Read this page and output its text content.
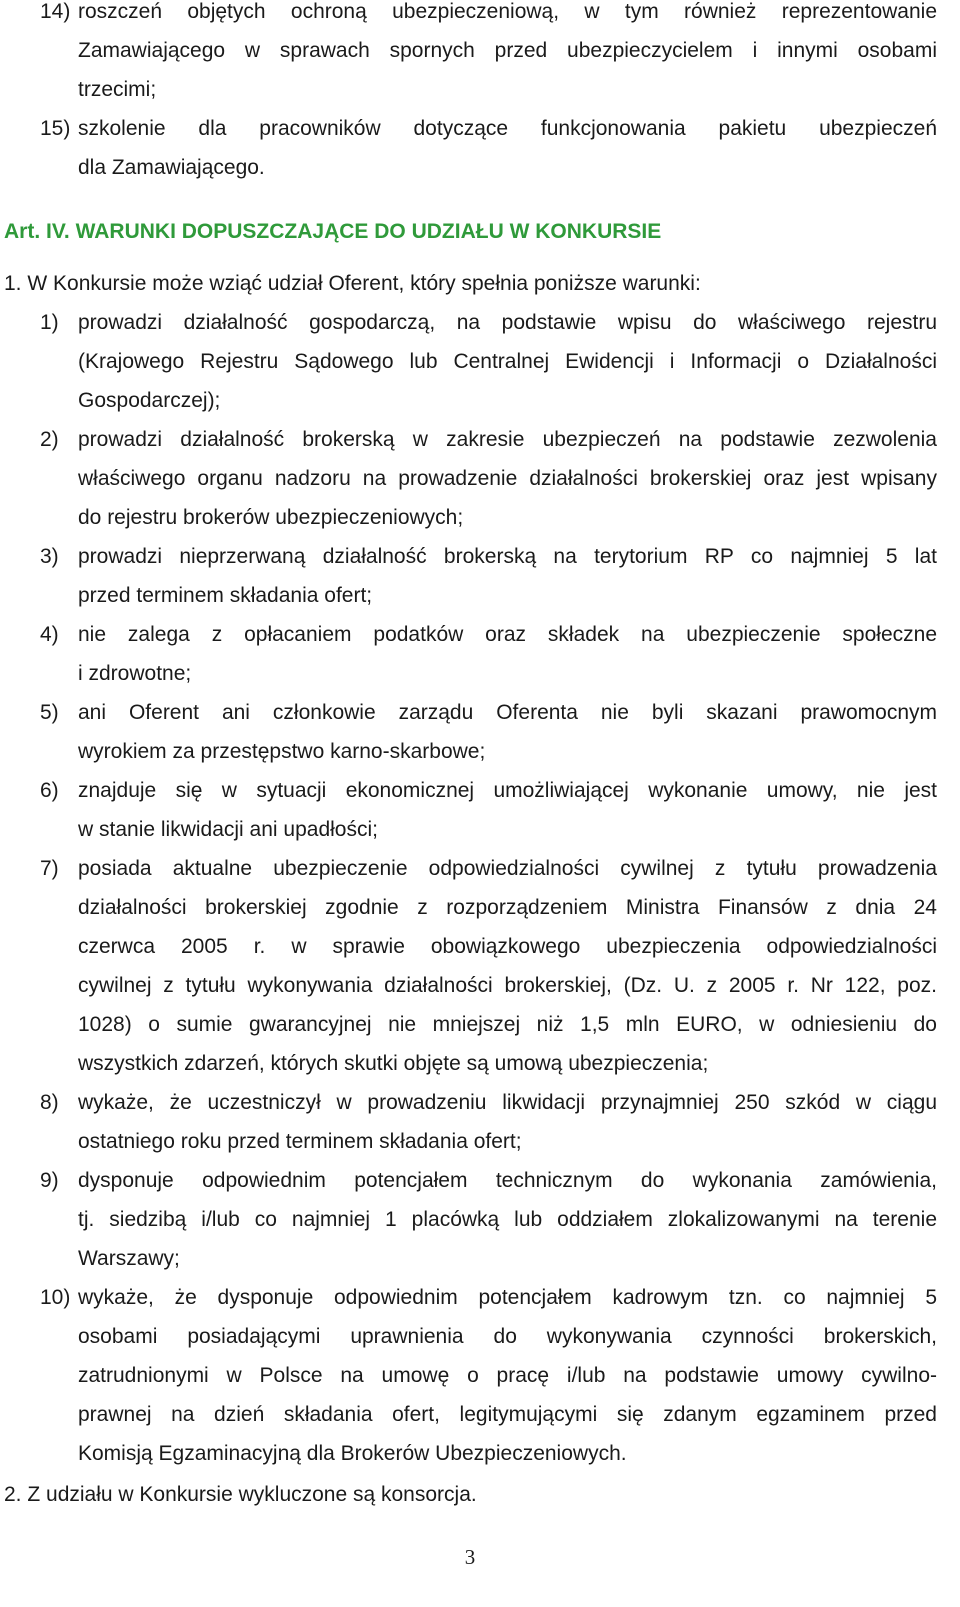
Art. IV. WARUNKI DOPUSZCZAJĄCE DO UDZIAŁU W KONKURSIE
1. W Konkursie może wziąć udział Oferent, który spełnia poniższe warunki:
2. Z udziału w Konkursie wykluczone są konsorcja.
3
14) roszczeń objętych ochroną ubezpieczeniową, w tym również reprezentowanie
Zamawiającego w sprawach spornych przed ubezpieczycielem i innymi osobami
trzecimi;
15) szkolenie dla pracowników dotyczące funkcjonowania pakietu ubezpieczeń
dla Zamawiającego.
1) prowadzi działalność gospodarczą, na podstawie wpisu do właściwego rejestru
(Krajowego Rejestru Sądowego lub Centralnej Ewidencji i Informacji o Działalności
Gospodarczej);
2) prowadzi działalność brokerską w zakresie ubezpieczeń na podstawie zezwolenia
właściwego organu nadzoru na prowadzenie działalności brokerskiej oraz jest wpisany
do rejestru brokerów ubezpieczeniowych;
3) prowadzi nieprzerwaną działalność brokerską na terytorium RP co najmniej 5 lat
przed terminem składania ofert;
4) nie zalega z opłacaniem podatków oraz składek na ubezpieczenie społeczne
i zdrowotne;
5) ani Oferent ani członkowie zarządu Oferenta nie byli skazani prawomocnym
wyrokiem za przestępstwo karno-skarbowe;
6) znajduje się w sytuacji ekonomicznej umożliwiającej wykonanie umowy, nie jest
w stanie likwidacji ani upadłości;
7) posiada aktualne ubezpieczenie odpowiedzialności cywilnej z tytułu prowadzenia
działalności brokerskiej zgodnie z rozporządzeniem Ministra Finansów z dnia 24
czerwca 2005 r. w sprawie obowiązkowego ubezpieczenia odpowiedzialności
cywilnej z tytułu wykonywania działalności brokerskiej, (Dz. U. z 2005 r. Nr 122, poz.
1028) o sumie gwarancyjnej nie mniejszej niż 1,5 mln EURO, w odniesieniu do
wszystkich zdarzeń, których skutki objęte są umową ubezpieczenia;
8) wykaże, że uczestniczył w prowadzeniu likwidacji przynajmniej 250 szkód w ciągu
ostatniego roku przed terminem składania ofert;
9) dysponuje odpowiednim potencjałem technicznym do wykonania zamówienia,
tj. siedzibą i/lub co najmniej 1 placówką lub oddziałem zlokalizowanymi na terenie
Warszawy;
10) wykaże, że dysponuje odpowiednim potencjałem kadrowym tzn. co najmniej 5
osobami posiadającymi uprawnienia do wykonywania czynności brokerskich,
zatrudnionymi w Polsce na umowę o pracę i/lub na podstawie umowy cywilno-
prawnej na dzień składania ofert, legitymującymi się zdanym egzaminem przed
Komisją Egzaminacyjną dla Brokerów Ubezpieczeniowych.
